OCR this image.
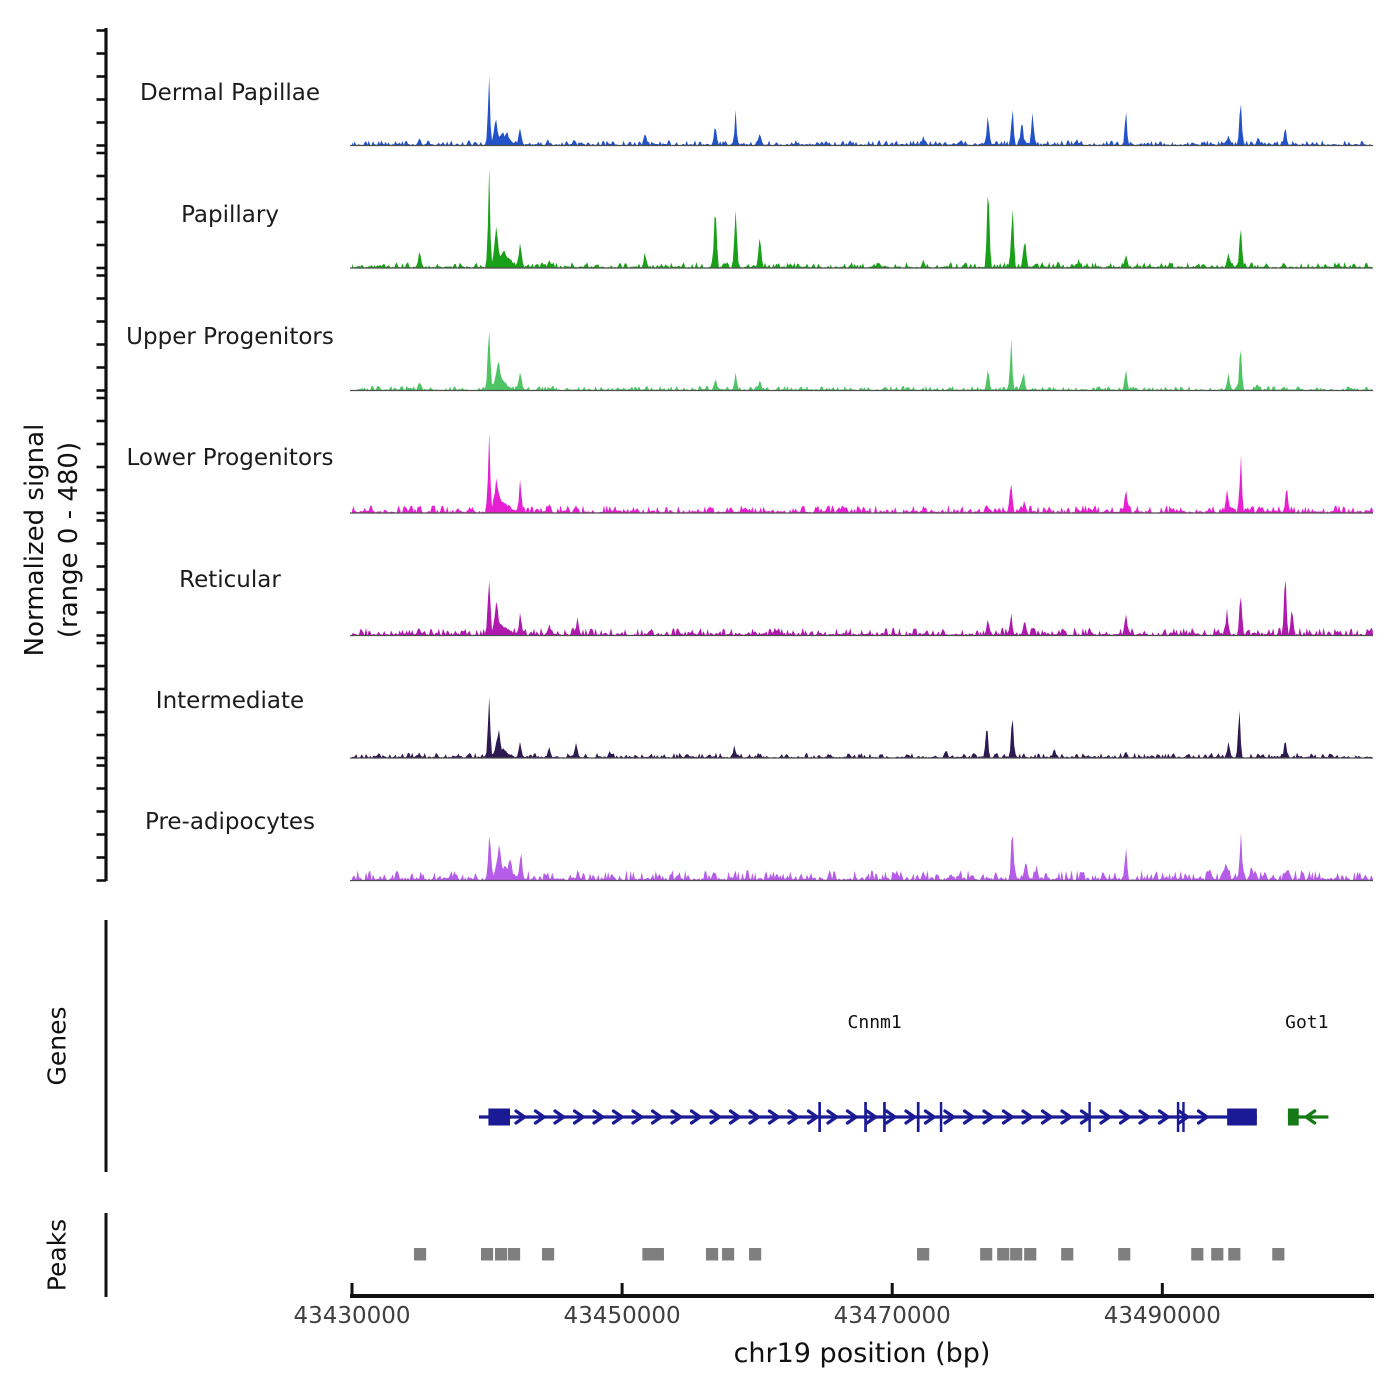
Dermal Papillae
Papillary
Upper Progenitors
Lower Progenitors
Reticular
Intermediate
Pre-adipocytes
Normalized signal (range 0 - 480)
Genes
Peaks
Cnnm1	Got1
43430000	43450000	43470000	43490000
chr19 position (bp)
